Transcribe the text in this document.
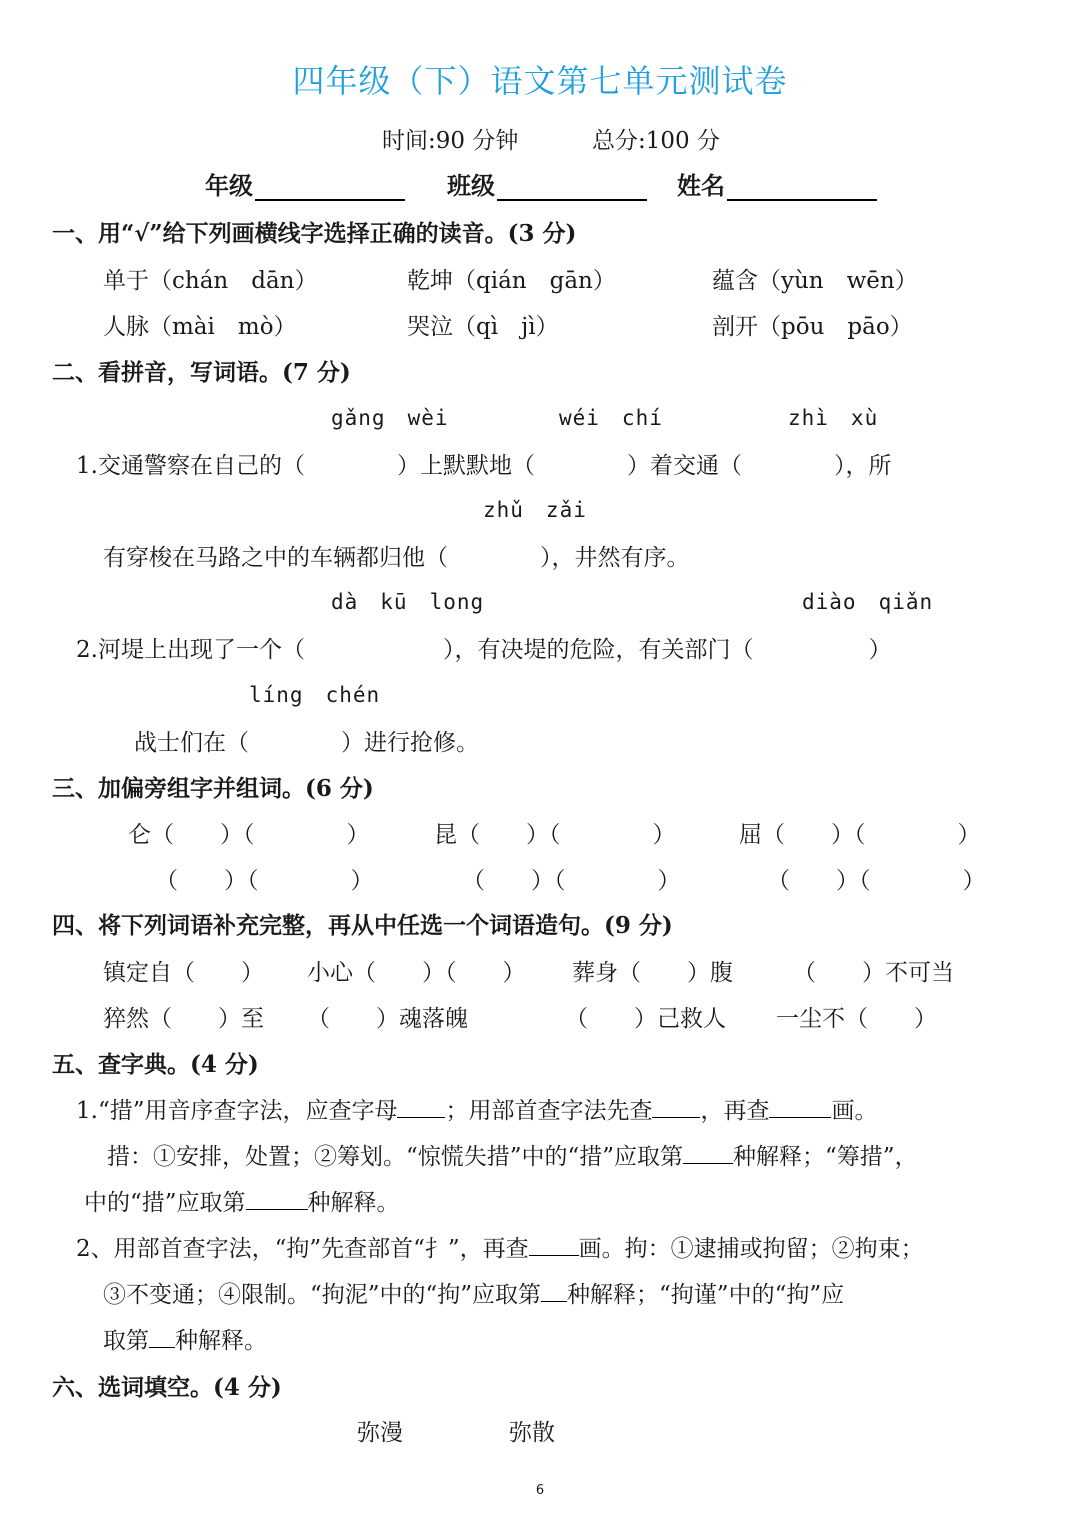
四年级（下）语文第七单元测试卷
时间:90 分钟	总分:100 分
年级	班级	姓名
一、用“√”给下列画横线字选择正确的读音。(3 分)
单于（chán　dān）	乾坤（qián　gān）	蕴含（yùn　wēn）
人脉（mài　mò）	哭泣（qì　jì）	剖开（pōu　pāo）
二、看拼音，写词语。(7 分)
gǎng　wèi	wéi　chí	zhì　xù
1.交通警察在自己的（　　　　）上默默地（　　　　）着交通（　　　　），所
zhǔ　zǎi
有穿梭在马路之中的车辆都归他（　　　　），井然有序。
dà　kū　long	diào　qiǎn
2.河堤上出现了一个（　　　　　　），有决堤的危险，有关部门（　　　　　）
líng　chén
战士们在（　　　　）进行抢修。
三、加偏旁组字并组词。(6 分)
仑（　　）（　　　　）	昆（　　）（　　　　）	屈（　　）（　　　　）
（　　）（　　　　）	（　　）（　　　　）	（　　）（　　　　）
四、将下列词语补充完整，再从中任选一个词语造句。(9 分)
镇定自（　　） 小心（　　）（　　） 葬身（　　）腹	（　　）不可当
猝然（　　）至 （　　）魂落魄	（　　）己救人 一尘不（　　）
五、查字典。(4 分)
1.“措”用音序查字法，应查字母 ；用部首查字法先查 ，再查	画。
措：①安排，处置；②筹划。“惊慌失措”中的“措”应取第 种解释；“筹措”，
中的“措”应取第	种解释。
2、用部首查字法，“拘”先查部首“扌”，再查 画。拘：①逮捕或拘留；②拘束；
③不变通；④限制。“拘泥”中的“拘”应取第 种解释；“拘谨”中的“拘”应
取第 种解释。
六、选词填空。(4 分)
弥漫	弥散
6
